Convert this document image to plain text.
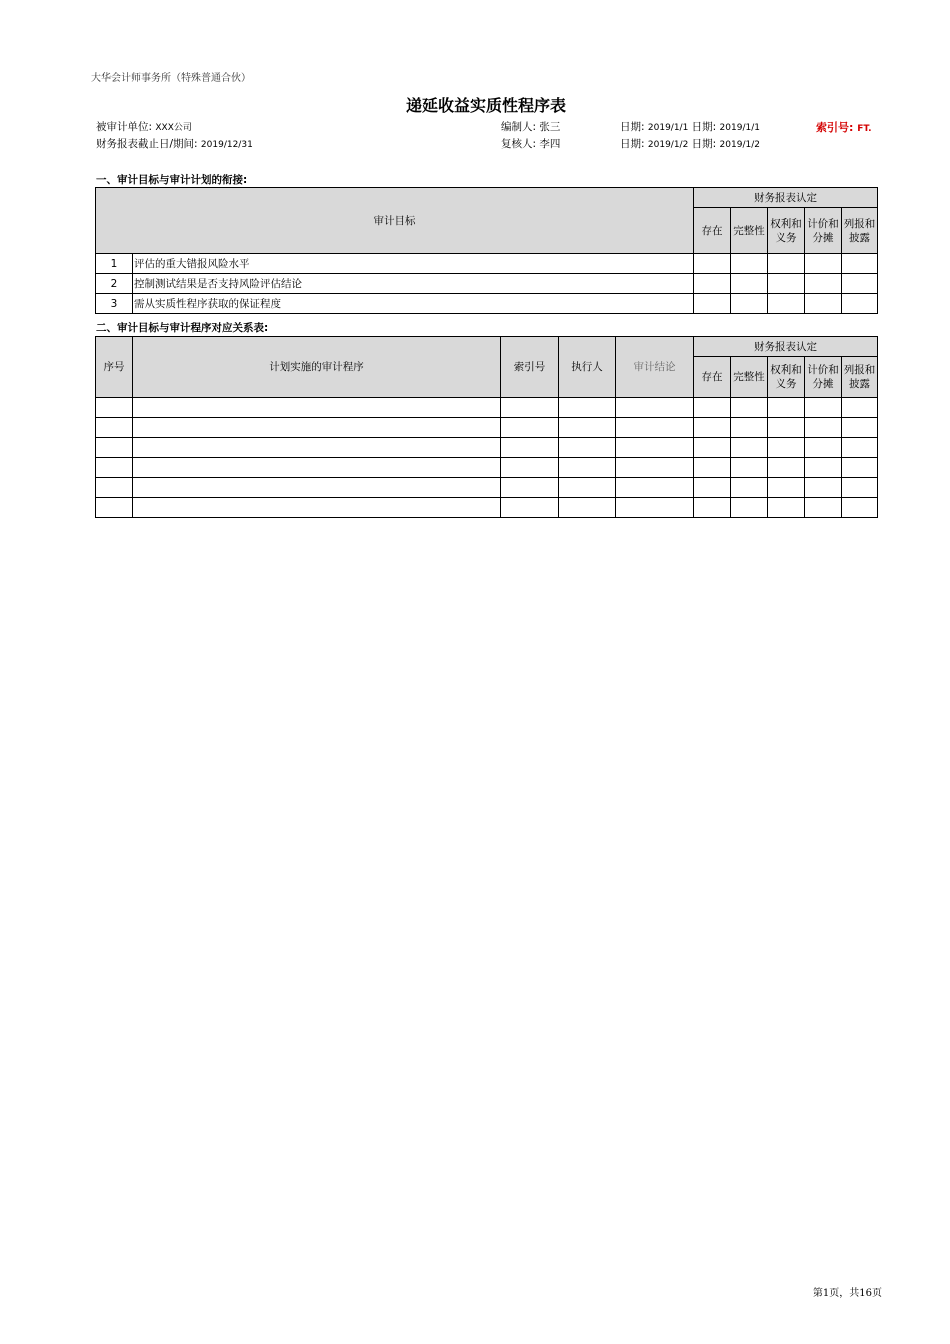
大华会计师事务所（特殊普通合伙）
递延收益实质性程序表
被审计单位: XXX公司	编制人: 张三	日期: 2019/1/1 日期: 2019/1/1	索引号: FT.
财务报表截止日/期间: 2019/12/31	复核人: 李四	日期: 2019/1/2 日期: 2019/1/2
一、审计目标与审计计划的衔接:
审计目标		财务报表认定				
		存在	完整性	权利和义务	计价和分摊	列报和披露
1	评估的重大错报风险水平					
2	控制测试结果是否支持风险评估结论					
3	需从实质性程序获取的保证程度					
二、审计目标与审计程序对应关系表:
序号	计划实施的审计程序	索引号	执行人	审计结论	财务报表认定				
					存在	完整性	权利和义务	计价和分摊	列报和披露

第1页，共16页
